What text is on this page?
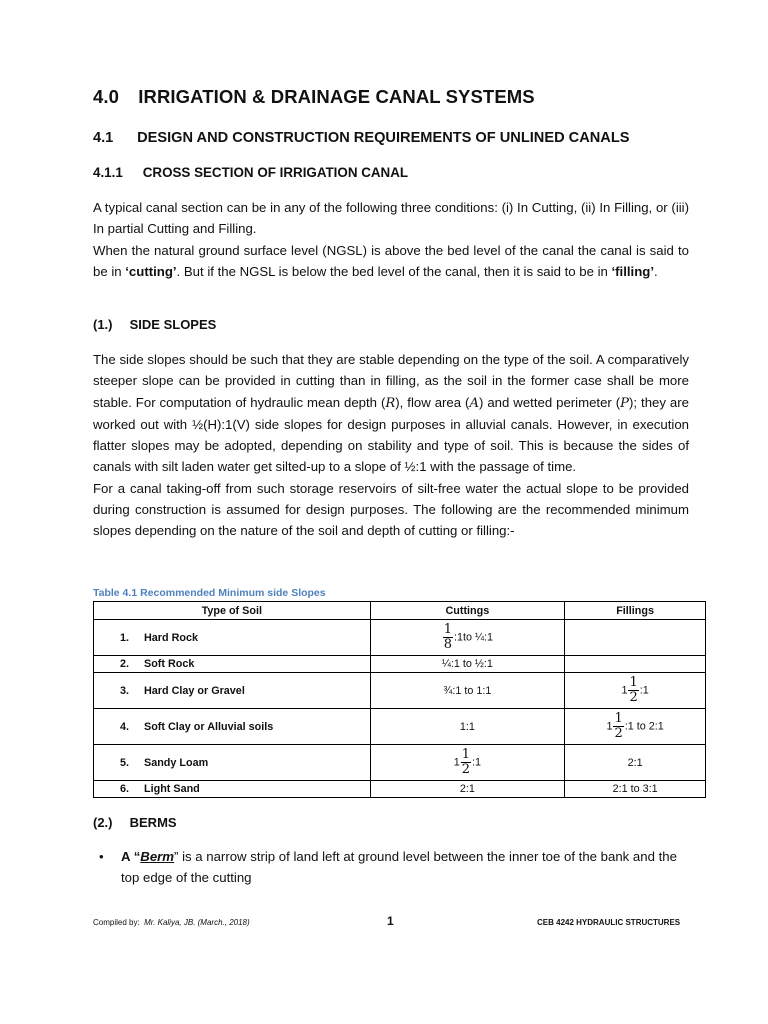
4.0 IRRIGATION & DRAINAGE CANAL SYSTEMS
4.1 DESIGN AND CONSTRUCTION REQUIREMENTS OF UNLINED CANALS
4.1.1 CROSS SECTION OF IRRIGATION CANAL

A typical canal section can be in any of the following three conditions: (i) In Cutting, (ii) In Filling, or (iii) In partial Cutting and Filling.
When the natural ground surface level (NGSL) is above the bed level of the canal the canal is said to be in ‘cutting’. But if the NGSL is below the bed level of the canal, then it is said to be in ‘filling’.

(1.) SIDE SLOPES

The side slopes should be such that they are stable depending on the type of the soil. A comparatively steeper slope can be provided in cutting than in filling, as the soil in the former case shall be more stable. For computation of hydraulic mean depth (R), flow area (A) and wetted perimeter (P); they are worked out with ½(H):1(V) side slopes for design purposes in alluvial canals. However, in execution flatter slopes may be adopted, depending on stability and type of soil. This is because the sides of canals with silt laden water get silted-up to a slope of ½:1 with the passage of time.
For a canal taking-off from such storage reservoirs of silt-free water the actual slope to be provided during construction is assumed for design purposes. The following are the recommended minimum slopes depending on the nature of the soil and depth of cutting or filling:-

Table 4.1 Recommended Minimum side Slopes
Type of Soil	Cuttings	Fillings

1. Hard Rock	$\frac{1}{8}$ :1to ¼:1	

2. Soft Rock	¼:1 to ½:1	

3. Hard Clay or Gravel	¾:1 to 1:1	$1 \frac{1}{2}$ :1

4. Soft Clay or Alluvial soils	1:1	$1 \frac{1}{2}$ :1 to 2:1

5. Sandy Loam	$1 \frac{1}{2}$ :1	2:1

6. Light Sand	2:1	2:1 to 3:1
(2.) BERMS
• A “Berm” is a narrow strip of land left at ground level between the inner toe of the bank and the top edge of the cutting
Compiled by: Mr. Kaliya, JB. (March., 2018)	1	CEB 4242 HYDRAULIC STRUCTURES
